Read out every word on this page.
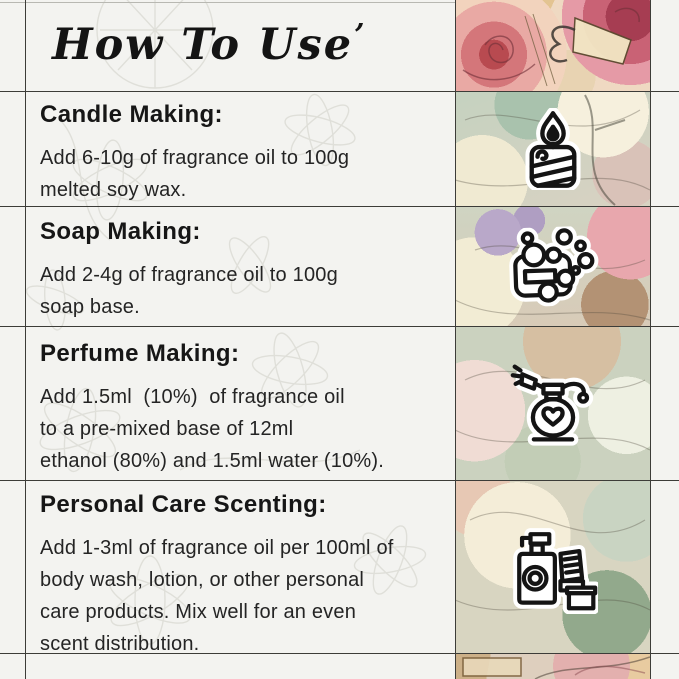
How To Use’
Candle Making:
Add 6-10g of fragrance oil to 100g
melted soy wax.
Soap Making:
Add 2-4g of fragrance oil to 100g
soap base.
Perfume Making:
Add 1.5ml  (10%)  of fragrance oil
to a pre-mixed base of 12ml
ethanol (80%) and 1.5ml water (10%).
Personal Care Scenting:
Add 1-3ml of fragrance oil per 100ml of
body wash, lotion, or other personal
care products. Mix well for an even
scent distribution.
